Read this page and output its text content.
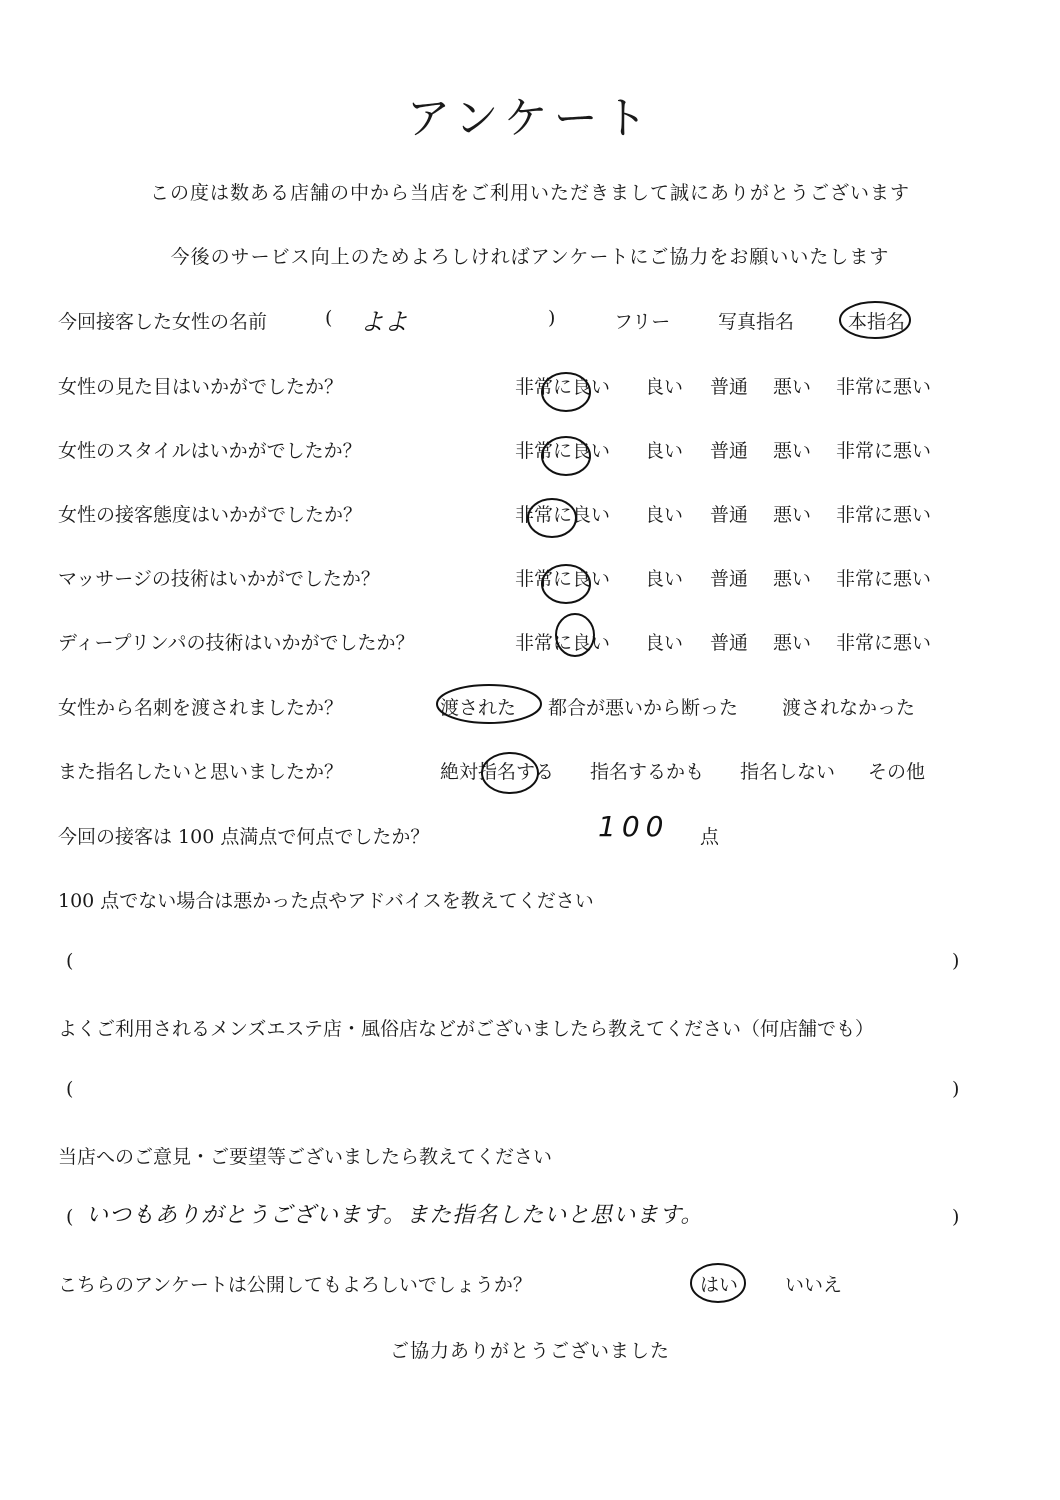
アンケート
この度は数ある店舗の中から当店をご利用いただきまして誠にありがとうございます
今後のサービス向上のためよろしければアンケートにご協力をお願いいたします
今回接客した女性の名前	( よよ	)	フリー	写真指名	本指名
女性の見た目はいかがでしたか？	非常に良い 良い 普通 悪い 非常に悪い
女性のスタイルはいかがでしたか？	非常に良い 良い 普通 悪い 非常に悪い
女性の接客態度はいかがでしたか？	非常に良い 良い 普通 悪い 非常に悪い
マッサージの技術はいかがでしたか？	非常に良い 良い 普通 悪い 非常に悪い
ディープリンパの技術はいかがでしたか？	非常に良い 良い 普通 悪い 非常に悪い
女性から名刺を渡されましたか？	渡された 都合が悪いから断った 渡されなかった
また指名したいと思いましたか？	絶対指名する 指名するかも 指名しない その他
今回の接客は 100 点満点で何点でしたか？	100 点
100 点でない場合は悪かった点やアドバイスを教えてください
(	)
よくご利用されるメンズエステ店・風俗店などがございましたら教えてください（何店舗でも）
(	)
当店へのご意見・ご要望等ございましたら教えてください
( いつもありがとうございます。また指名したいと思います。	)
こちらのアンケートは公開してもよろしいでしょうか？	はい いいえ
ご協力ありがとうございました
